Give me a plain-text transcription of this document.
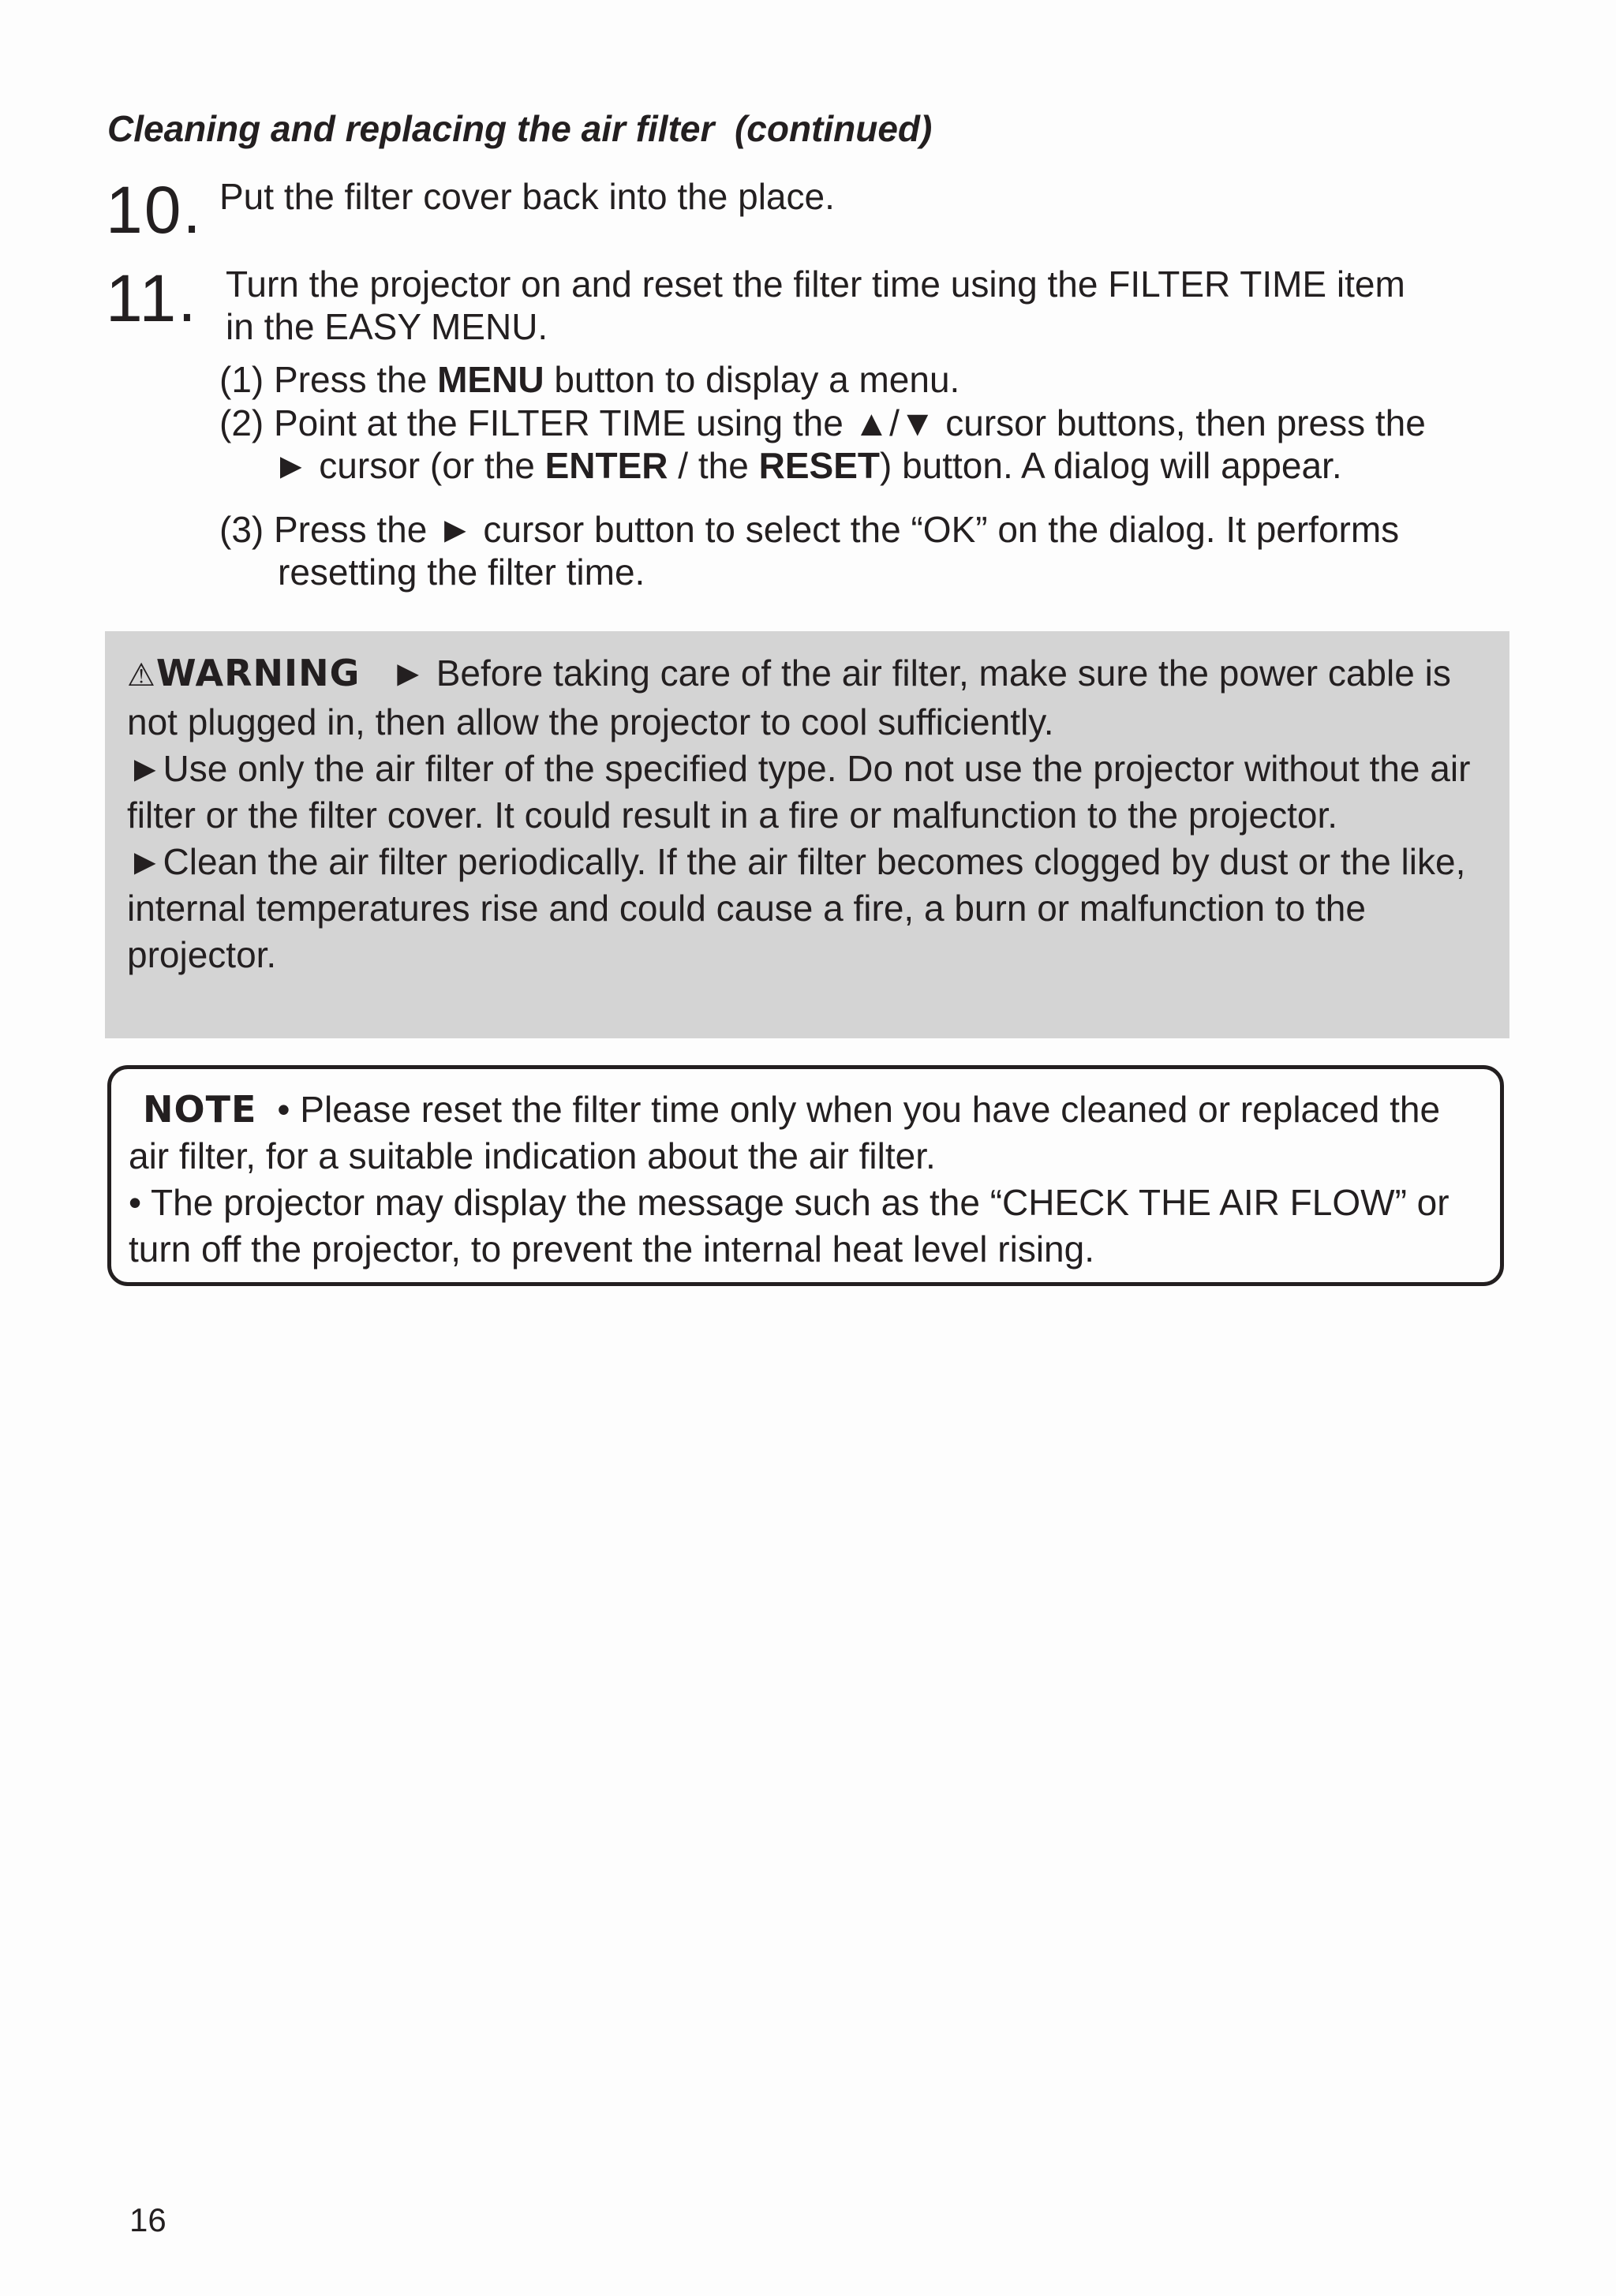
Cleaning and replacing the air filter  (continued)
10. Put the filter cover back into the place.
11. Turn the projector on and reset the filter time using the FILTER TIME item
in the EASY MENU.
(1) Press the MENU button to display a menu.
(2) Point at the FILTER TIME using the ▲/▼ cursor buttons, then press the
► cursor (or the ENTER / the RESET) button. A dialog will appear.
(3) Press the ► cursor button to select the “OK” on the dialog. It performs
resetting the filter time.
⚠WARNING ► Before taking care of the air filter, make sure the power cable is not plugged in, then allow the projector to cool sufficiently.
►Use only the air filter of the specified type. Do not use the projector without the air filter or the filter cover. It could result in a fire or malfunction to the projector.
►Clean the air filter periodically. If the air filter becomes clogged by dust or the like, internal temperatures rise and could cause a fire, a burn or malfunction to the projector.
NOTE • Please reset the filter time only when you have cleaned or replaced the air filter, for a suitable indication about the air filter.
• The projector may display the message such as the “CHECK THE AIR FLOW” or turn off the projector, to prevent the internal heat level rising.
16
